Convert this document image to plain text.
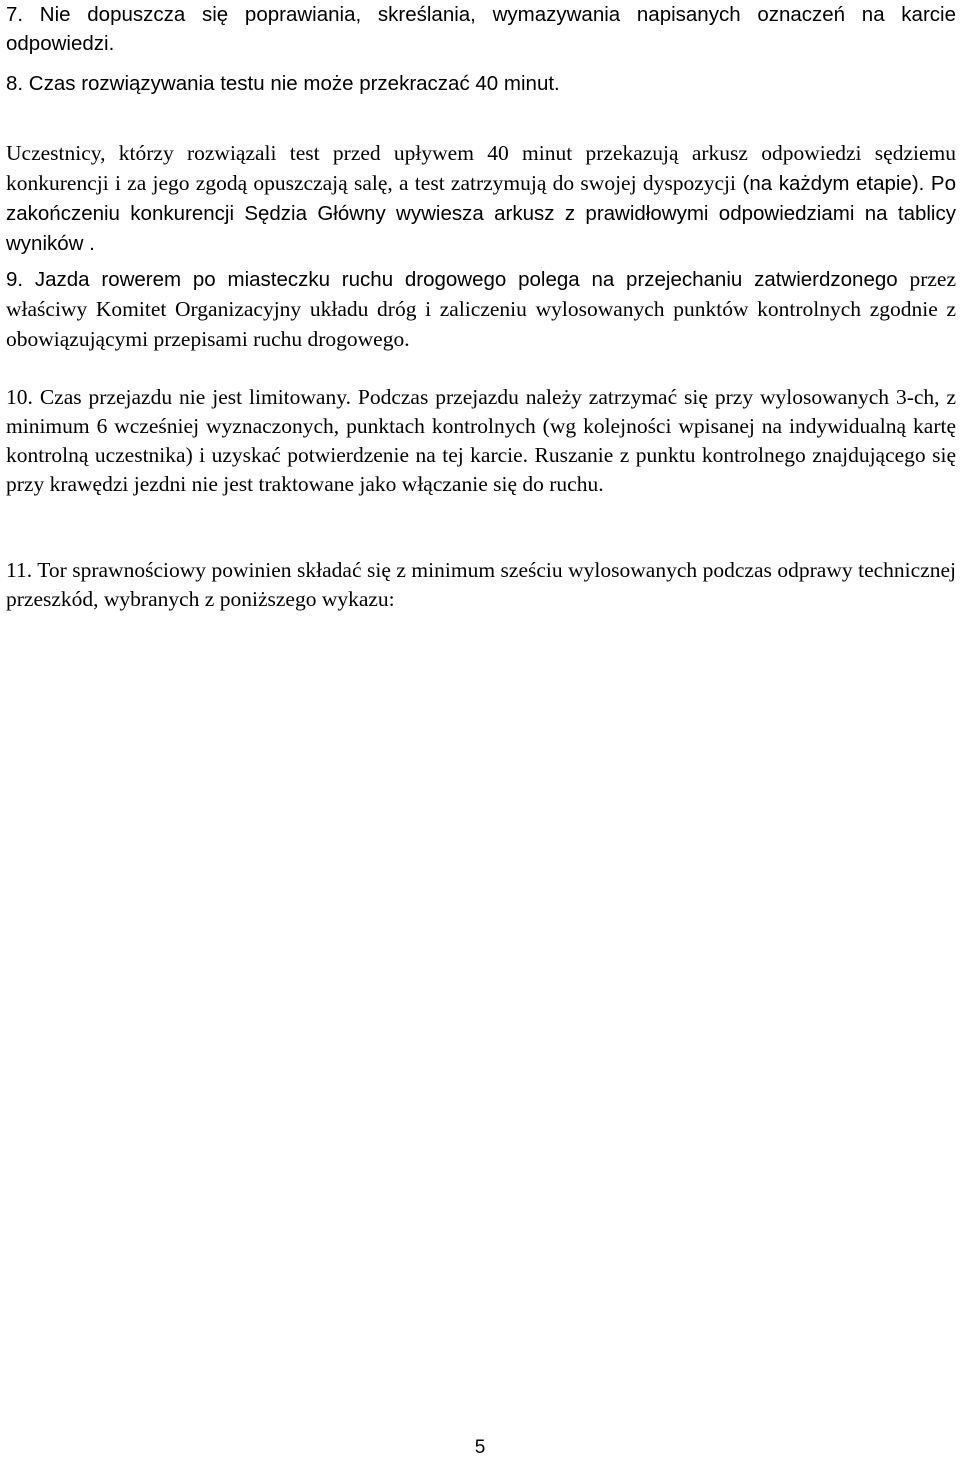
7. Nie dopuszcza się poprawiania, skreślania, wymazywania napisanych oznaczeń na karcie odpowiedzi.

8. Czas rozwiązywania testu nie może przekraczać 40 minut.

Uczestnicy, którzy rozwiązali test przed upływem 40 minut przekazują arkusz odpowiedzi sędziemu konkurencji i za jego zgodą opuszczają salę, a test zatrzymują do swojej dyspozycji (na każdym etapie). Po zakończeniu konkurencji Sędzia Główny wywiesza arkusz z prawidłowymi odpowiedziami na tablicy wyników .

9. Jazda rowerem po miasteczku ruchu drogowego polega na przejechaniu zatwierdzonego przez właściwy Komitet Organizacyjny układu dróg i zaliczeniu wylosowanych punktów kontrolnych zgodnie z obowiązującymi przepisami ruchu drogowego.

10. Czas przejazdu nie jest limitowany. Podczas przejazdu należy zatrzymać się przy wylosowanych 3-ch, z minimum 6 wcześniej wyznaczonych, punktach kontrolnych (wg kolejności wpisanej na indywidualną kartę kontrolną uczestnika) i uzyskać potwierdzenie na tej karcie. Ruszanie z punktu kontrolnego znajdującego się przy krawędzi jezdni nie jest traktowane jako włączanie się do ruchu.

11. Tor sprawnościowy powinien składać się z minimum sześciu wylosowanych podczas odprawy technicznej przeszkód, wybranych z poniższego wykazu:

5
